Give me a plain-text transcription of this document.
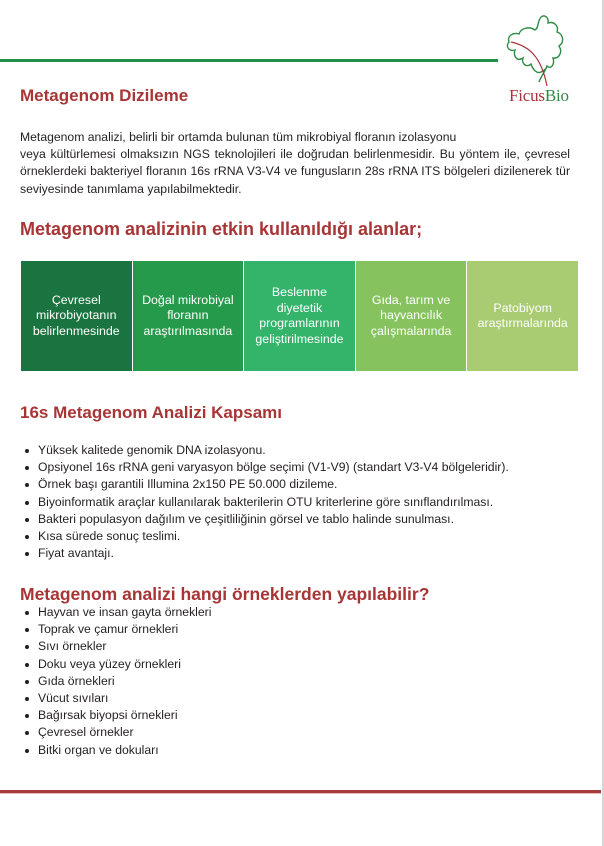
FicusBio
Metagenom Dizileme
Metagenom analizi, belirli bir ortamda bulunan tüm mikrobiyal floranın izolasyonu
veya kültürlemesi olmaksızın NGS teknolojileri ile doğrudan belirlenmesidir. Bu yöntem ile, çevresel örneklerdeki bakteriyel floranın 16s rRNA V3-V4 ve fungusların 28s rRNA ITS bölgeleri dizilenerek tür seviyesinde tanımlama yapılabilmektedir.
Metagenom analizinin etkin kullanıldığı alanlar;
Çevresel mikrobiyotanın belirlenmesinde
Doğal mikrobiyal floranın araştırılmasında
Beslenme diyetetik programlarının geliştirilmesinde
Gıda, tarım ve hayvancılık çalışmalarında
Patobiyom araştırmalarında
16s Metagenom Analizi Kapsamı
Yüksek kalitede genomik DNA izolasyonu.
Opsiyonel 16s rRNA geni varyasyon bölge seçimi (V1-V9) (standart V3-V4 bölgeleridir).
Örnek başı garantili Illumina 2x150 PE 50.000 dizileme.
Biyoinformatik araçlar kullanılarak bakterilerin OTU kriterlerine göre sınıflandırılması.
Bakteri populasyon dağılım ve çeşitliliğinin görsel ve tablo halinde sunulması.
Kısa sürede sonuç teslimi.
Fiyat avantajı.
Metagenom analizi hangi örneklerden yapılabilir?
Hayvan ve insan gayta örnekleri
Toprak ve çamur örnekleri
Sıvı örnekler
Doku veya yüzey örnekleri
Gıda örnekleri
Vücut sıvıları
Bağırsak biyopsi örnekleri
Çevresel örnekler
Bitki organ ve dokuları
